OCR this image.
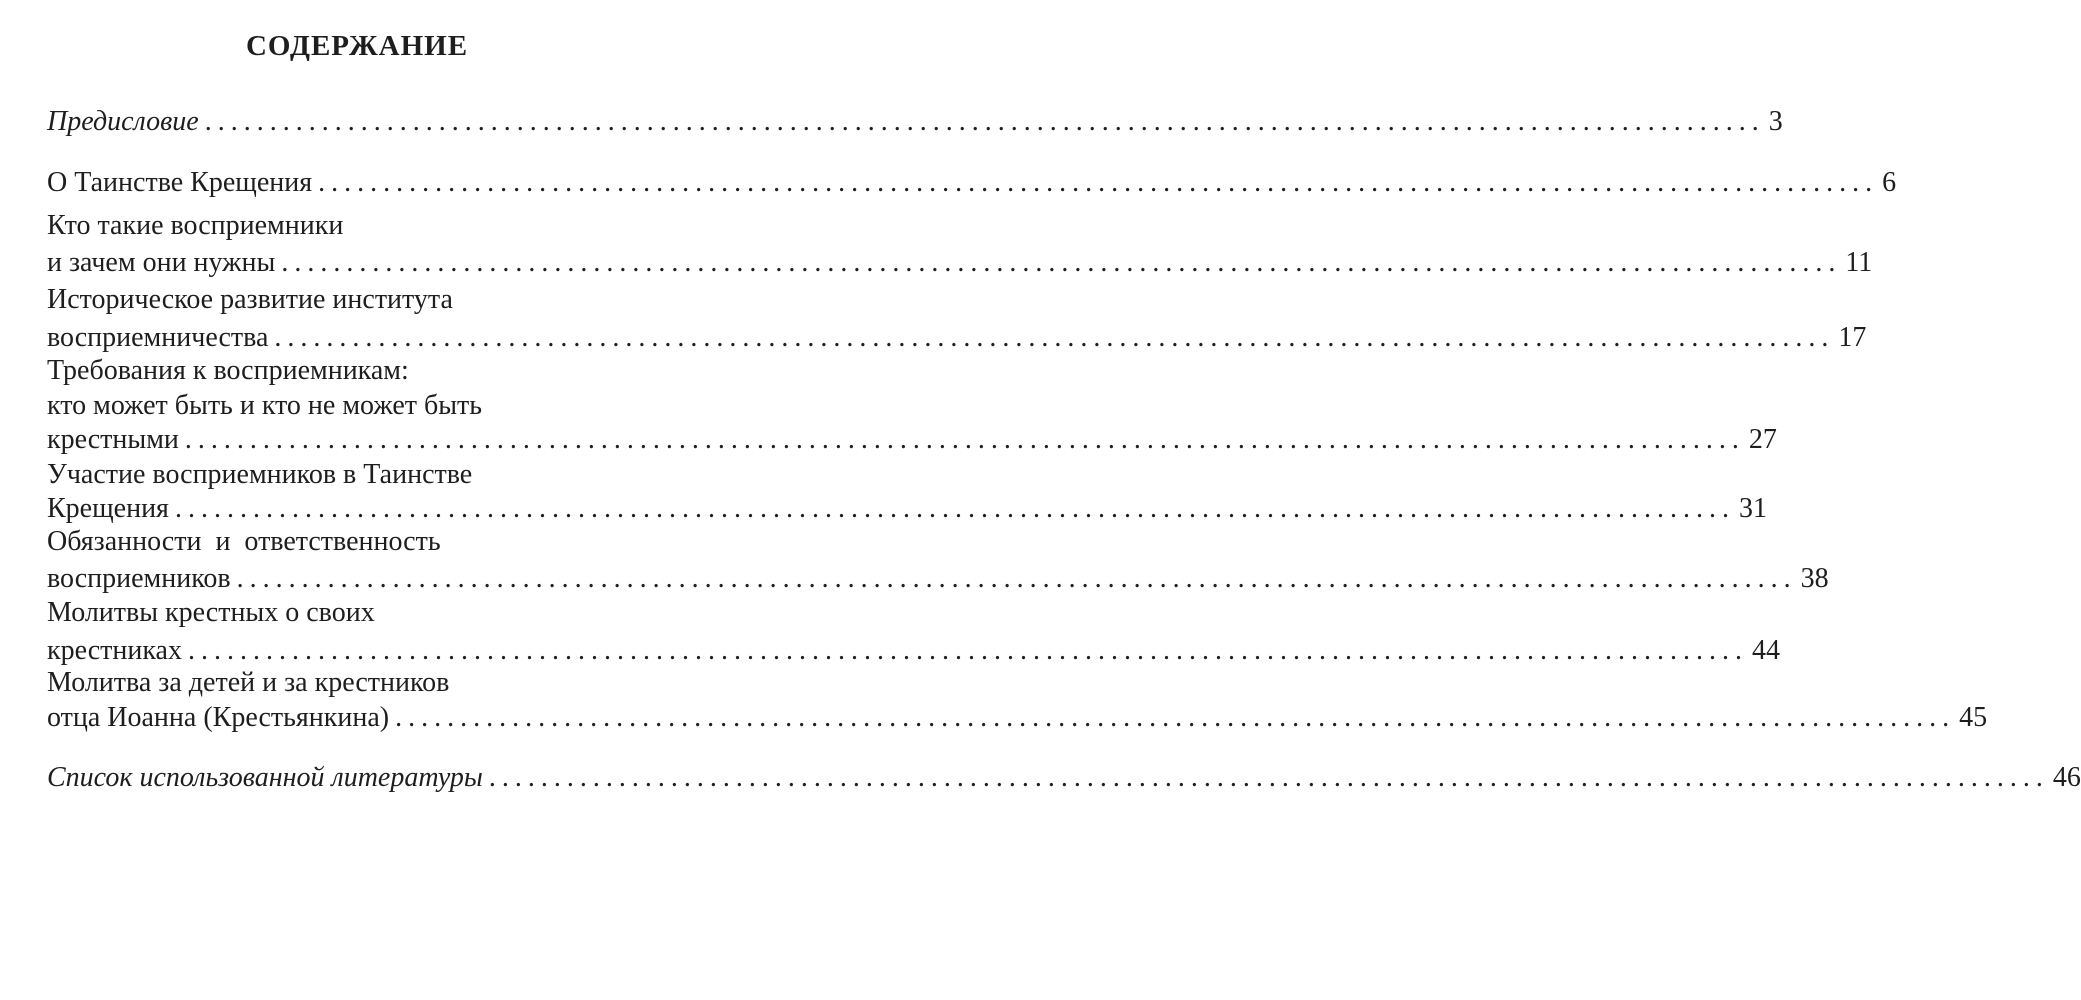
СОДЕРЖАНИЕ
Предисловие ........................................................................................................................ 3
О Таинстве Крещения ........................................................................................................................ 6
Кто такие восприемники
и зачем они нужны ........................................................................................................................ 11
Историческое развитие института
восприемничества ........................................................................................................................ 17
Требования к восприемникам:
кто может быть и кто не может быть
крестными ........................................................................................................................ 27
Участие восприемников в Таинстве
Крещения ........................................................................................................................ 31
Обязанности  и  ответственность
восприемников ........................................................................................................................ 38
Молитвы крестных о своих
крестниках ........................................................................................................................ 44
Молитва за детей и за крестников
отца Иоанна (Крестьянкина) ........................................................................................................................ 45
Список использованной литературы ........................................................................................................................ 46
